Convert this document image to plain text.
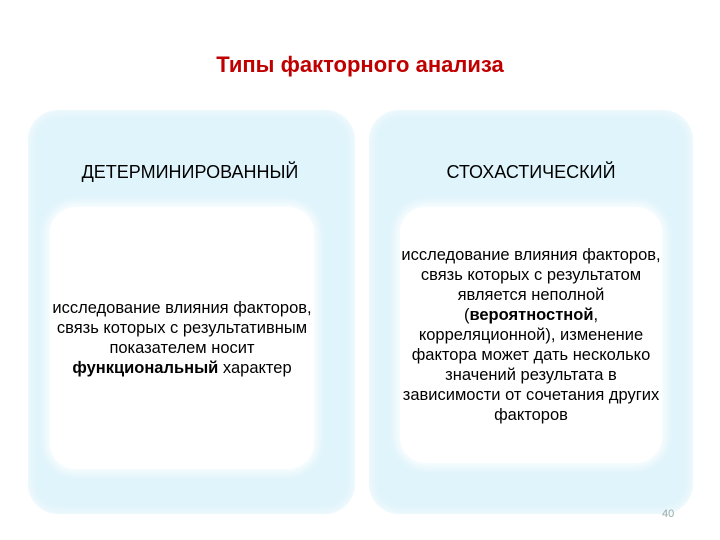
Типы факторного анализа
ДЕТЕРМИНИРОВАННЫЙ	СТОХАСТИЧЕСКИЙ

исследование влияния факторов, связь которых с результативным показателем носит функциональный характер

исследование влияния факторов, связь которых с результатом является неполной (вероятностной, корреляционной), изменение фактора может дать несколько значений результата в зависимости от сочетания других факторов

40
